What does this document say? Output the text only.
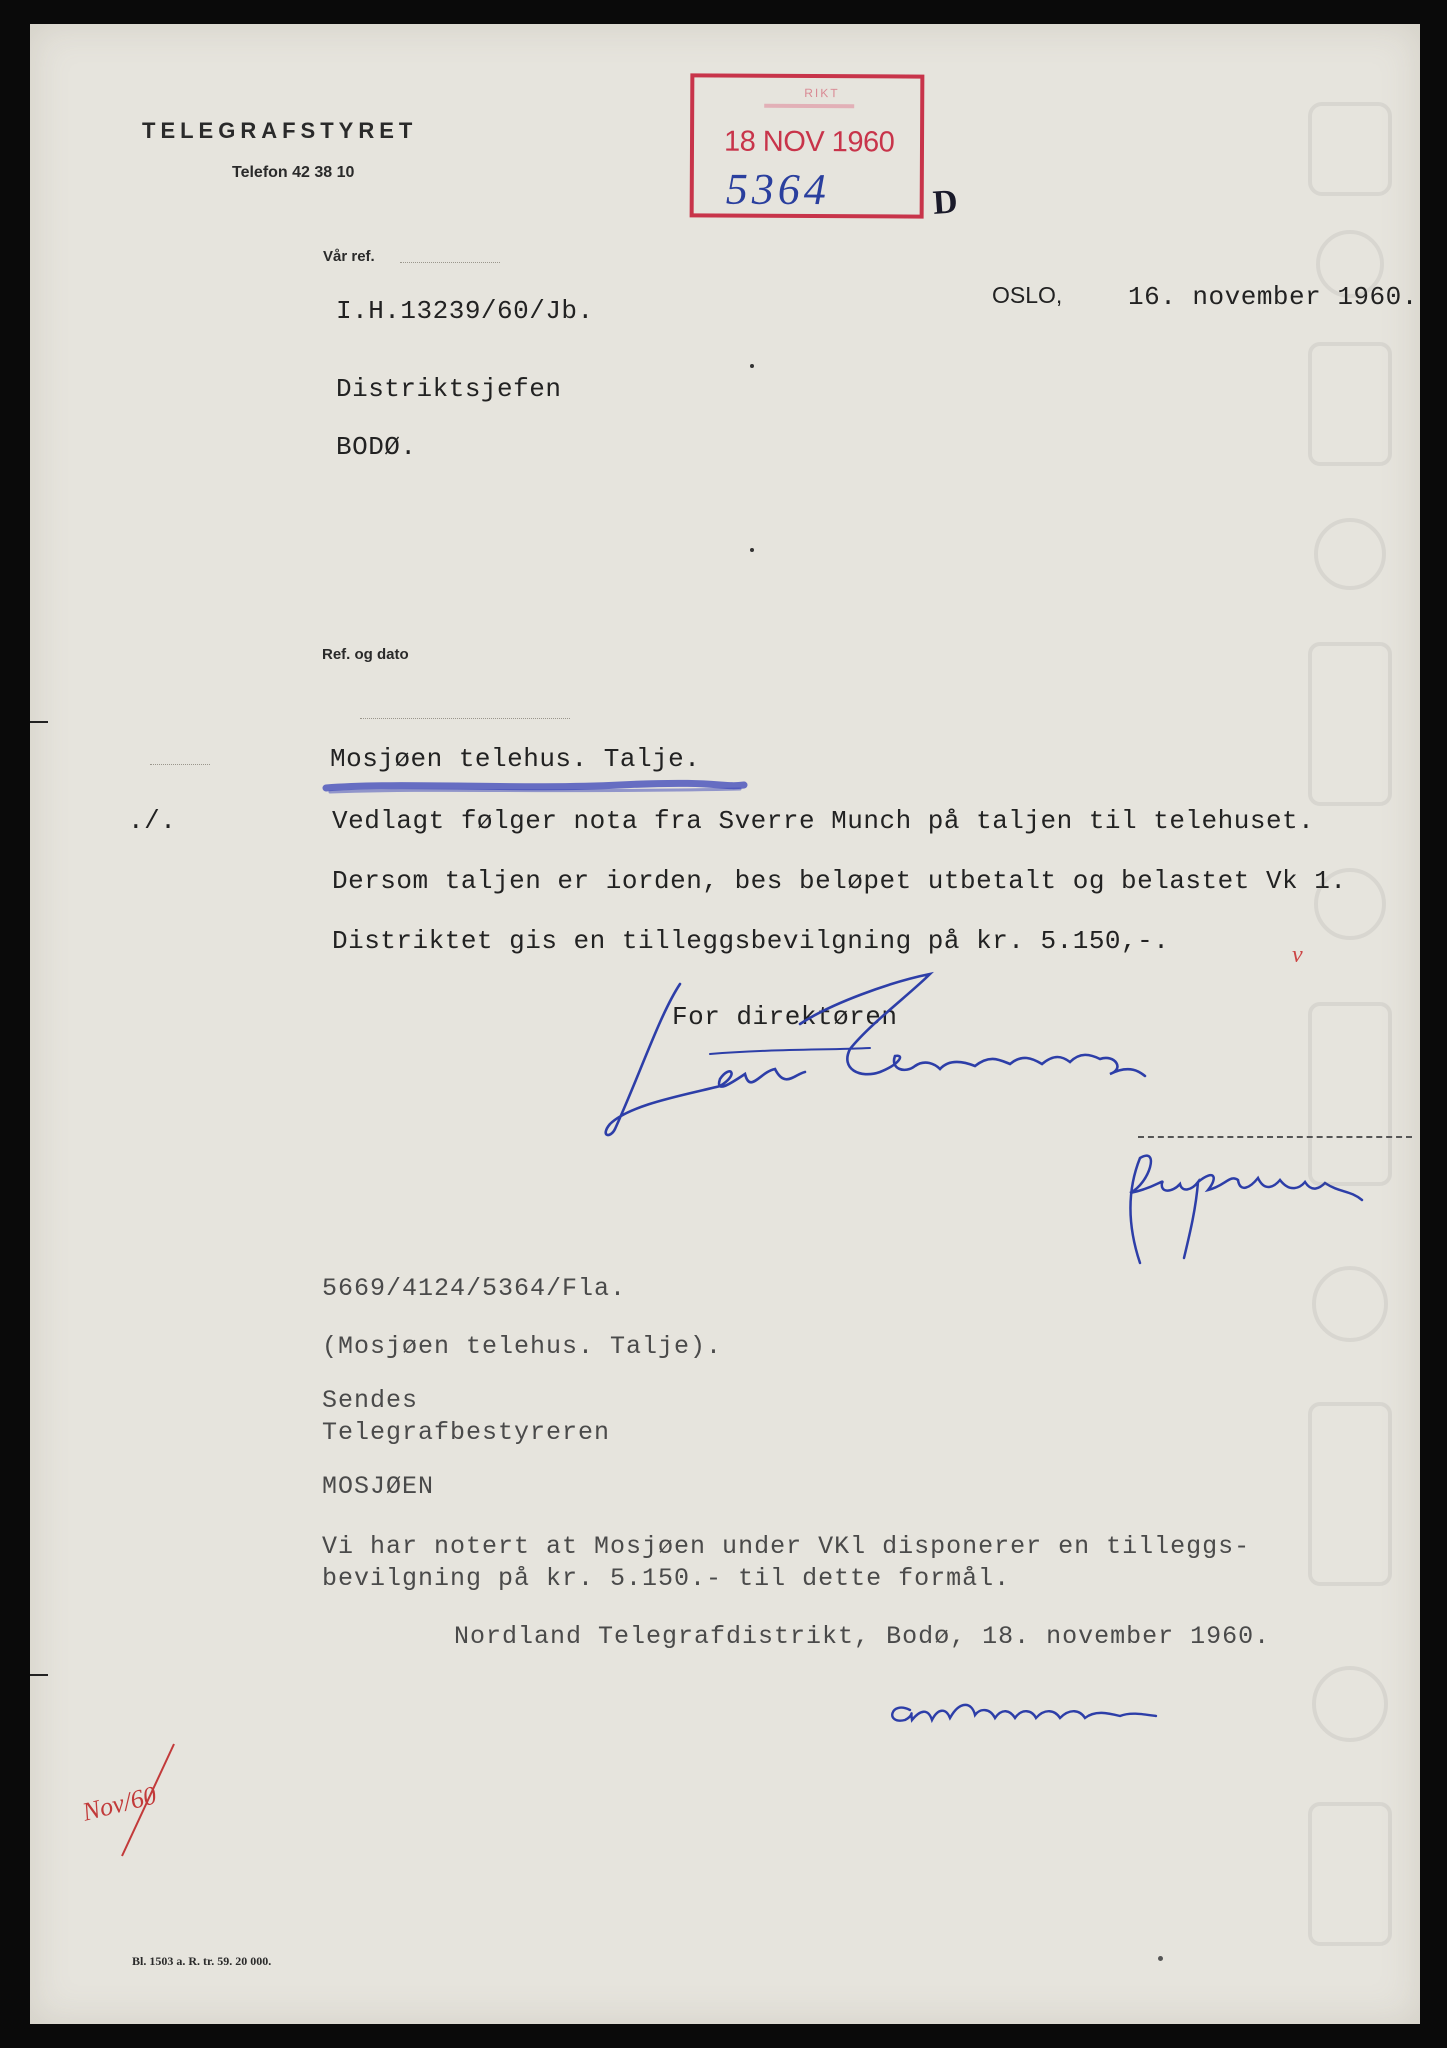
TELEGRAFSTYRET
Telefon 42 38 10
RIKT
18 NOV 1960
5364	D
Vår ref.
I.H.13239/60/Jb.
OSLO,	16. november 1960.
Distriktsjefen
BODØ.
Ref. og dato
Mosjøen telehus. Talje.
./.	Vedlagt følger nota fra Sverre Munch på taljen til telehuset.
Dersom taljen er iorden, bes beløpet utbetalt og belastet Vk 1.
Distriktet gis en tilleggsbevilgning på kr. 5.150,-.	v
For direktøren
5669/4124/5364/Fla.
(Mosjøen telehus. Talje).
Sendes
Telegrafbestyreren
MOSJØEN
Vi har notert at Mosjøen under VKl disponerer en tilleggs-
bevilgning på kr. 5.150.- til dette formål.
Nordland Telegrafdistrikt, Bodø, 18. november 1960.
Nov/60
Bl. 1503 a. R. tr. 59. 20 000.
